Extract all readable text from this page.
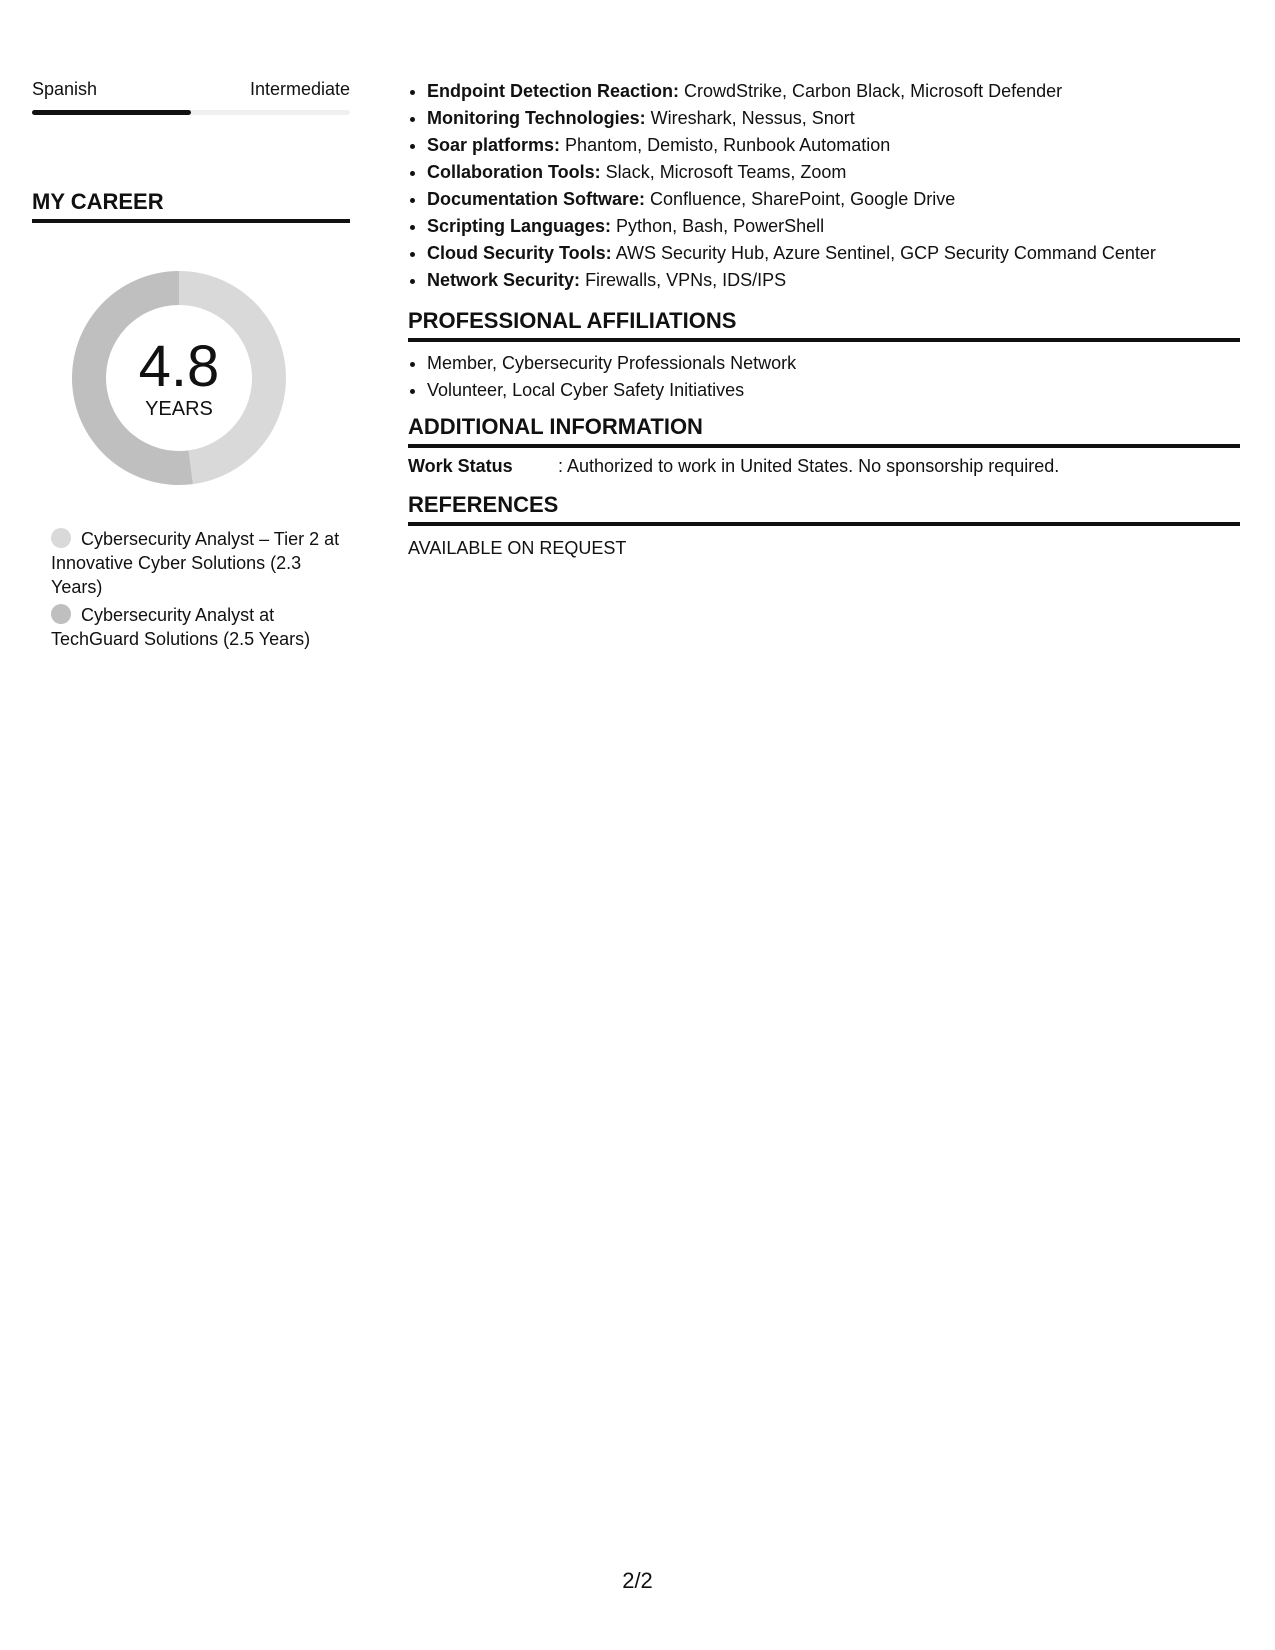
Spanish	Intermediate
MY CAREER
4.8
YEARS
Cybersecurity Analyst – Tier 2 at Innovative Cyber Solutions (2.3 Years)
Cybersecurity Analyst at TechGuard Solutions (2.5 Years)
• Endpoint Detection Reaction: CrowdStrike, Carbon Black, Microsoft Defender
• Monitoring Technologies: Wireshark, Nessus, Snort
• Soar platforms: Phantom, Demisto, Runbook Automation
• Collaboration Tools: Slack, Microsoft Teams, Zoom
• Documentation Software: Confluence, SharePoint, Google Drive
• Scripting Languages: Python, Bash, PowerShell
• Cloud Security Tools: AWS Security Hub, Azure Sentinel, GCP Security Command Center
• Network Security: Firewalls, VPNs, IDS/IPS
PROFESSIONAL AFFILIATIONS
• Member, Cybersecurity Professionals Network
• Volunteer, Local Cyber Safety Initiatives
ADDITIONAL INFORMATION
Work Status	: Authorized to work in United States. No sponsorship required.
REFERENCES
AVAILABLE ON REQUEST
2/2
